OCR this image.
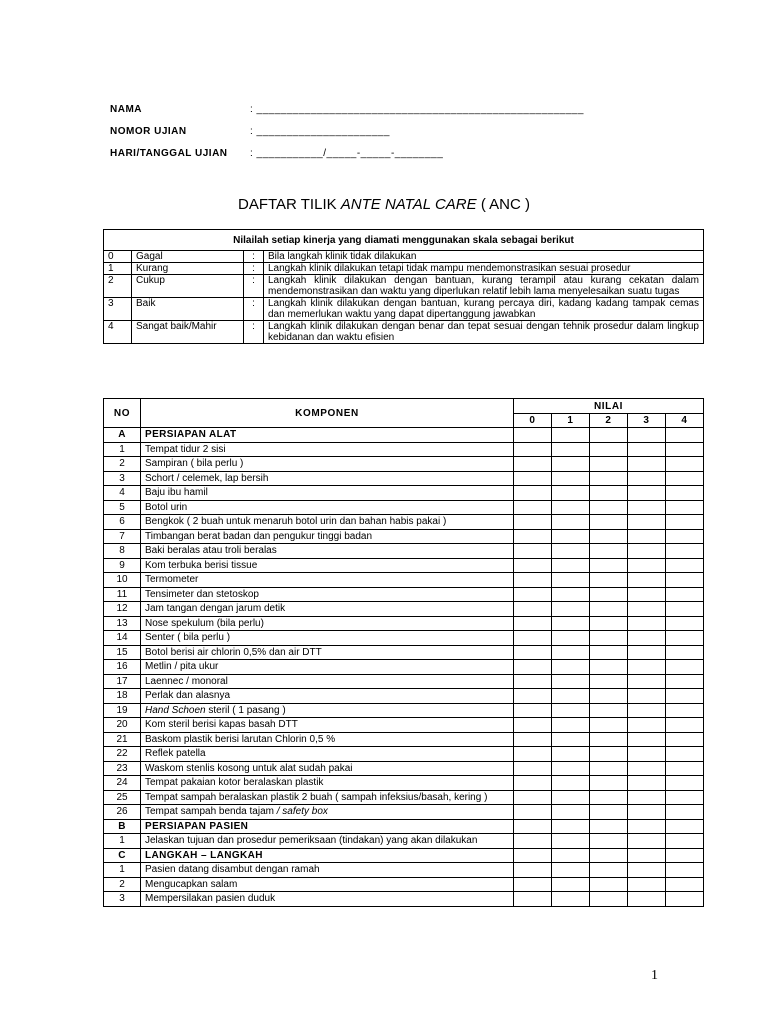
NAMA	: ______________________________________________________
NOMOR UJIAN	: ______________________
HARI/TANGGAL UJIAN	: ___________/_____-_____-________
DAFTAR TILIK ANTE NATAL CARE ( ANC )
Nilailah setiap kinerja yang diamati menggunakan skala sebagai berikut			
0	Gagal	:	Bila langkah klinik tidak dilakukan
1	Kurang	:	Langkah klinik dilakukan tetapi tidak mampu mendemonstrasikan sesuai prosedur
2	Cukup	:	Langkah klinik dilakukan dengan bantuan, kurang terampil atau kurang cekatan dalam mendemonstrasikan dan waktu yang diperlukan relatif lebih lama menyelesaikan suatu tugas
3	Baik	:	Langkah klinik dilakukan dengan bantuan, kurang percaya diri, kadang kadang tampak cemas dan memerlukan waktu yang dapat dipertanggung jawabkan
4	Sangat baik/Mahir	:	Langkah klinik dilakukan dengan benar dan tepat sesuai dengan tehnik prosedur dalam lingkup kebidanan dan waktu efisien
NO	KOMPONEN	NILAI				
		0	1	2	3	4
A	PERSIAPAN ALAT					
1	Tempat tidur 2 sisi					
2	Sampiran ( bila perlu )					
3	Schort / celemek, lap bersih					
4	Baju ibu hamil					
5	Botol urin					
6	Bengkok ( 2 buah untuk menaruh botol urin dan bahan habis pakai )					
7	Timbangan berat badan dan pengukur tinggi badan					
8	Baki beralas atau troli beralas					
9	Kom terbuka berisi tissue					
10	Termometer					
11	Tensimeter dan stetoskop					
12	Jam tangan dengan jarum detik					
13	Nose spekulum (bila perlu)					
14	Senter ( bila perlu )					
15	Botol berisi air chlorin 0,5% dan air DTT					
16	Metlin / pita ukur					
17	Laennec / monoral					
18	Perlak dan alasnya					
19	Hand Schoen steril ( 1 pasang )					
20	Kom steril berisi kapas basah DTT					
21	Baskom plastik berisi larutan Chlorin 0,5 %					
22	Reflek patella					
23	Waskom stenlis kosong untuk alat sudah pakai					
24	Tempat pakaian kotor beralaskan plastik					
25	Tempat sampah beralaskan plastik 2 buah ( sampah infeksius/basah, kering )					
26	Tempat sampah benda tajam / safety box					
B	PERSIAPAN PASIEN					
1	Jelaskan tujuan dan prosedur pemeriksaan (tindakan) yang akan dilakukan					
C	LANGKAH – LANGKAH					
1	Pasien datang disambut dengan ramah					
2	Mengucapkan salam					
3	Mempersilakan pasien duduk					
1
